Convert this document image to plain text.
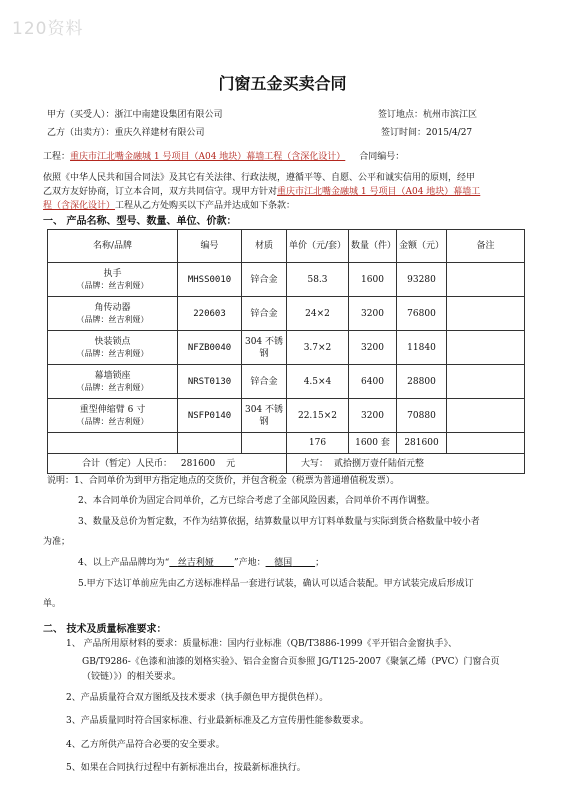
120资料
门窗五金买卖合同
甲方（买受人）：浙江中南建设集团有限公司	签订地点：杭州市滨江区
乙方（出卖方）：重庆久祥建材有限公司	签订时间：2015/4/27
工程：重庆市江北嘴金融城 1 号项目（A04 地块）幕墙工程（含深化设计） 合同编号：
依照《中华人民共和国合同法》及其它有关法律、行政法规，遵循平等、自愿、公平和诚实信用的原则，经甲
乙双方友好协商，订立本合同，双方共同信守。现甲方针对重庆市江北嘴金融城 1 号项目（A04 地块）幕墙工
程（含深化设计）工程从乙方处购买以下产品并达成如下条款：
一、 产品名称、型号、数量、单位、价款：
名称/品牌	编号	材质	单价（元/套）	数量（件）	金额（元）	备注

执手
（品牌：丝吉利娅）	MHSS0010	锌合金	58.3	1600	93280	

角传动器
（品牌：丝吉利娅）	220603	锌合金	24×2	3200	76800	

快装锁点
（品牌：丝吉利娅）	NFZB0040	304 不锈钢	3.7×2	3200	11840	

幕墙锁座
（品牌：丝吉利娅）	NRST0130	锌合金	4.5×4	6400	28800	

重型伸缩臂 6 寸
（品牌：丝吉利娅）	NSFP0140	304 不锈钢	22.15×2	3200	70880	
			176	1600 套	281600	
合计（暂定）人民币： 281600 元			大写： 贰拾捌万壹仟陆佰元整			
说明：1、合同单价为到甲方指定地点的交货价，并包含税金（税票为普通增值税发票）。
2、本合同单价为固定合同单价，乙方已综合考虑了全部风险因素，合同单价不再作调整。
3、数量及总价为暂定数，不作为结算依据，结算数量以甲方订料单数量与实际到货合格数量中较小者
为准；
4、以上产品品牌均为“ 丝吉利娅 ”产地： 德国	；
5.甲方下达订单前应先由乙方送标准样品一套进行试装，确认可以适合装配。甲方试装完成后形成订
单。
二、 技术及质量标准要求：
1、 产品所用原材料的要求：质量标准：国内行业标准（QB/T3886-1999《平开铝合金窗执手》、
GB/T9286-《色漆和油漆的划格实验》、铝合金窗合页参照 JG/T125-2007《聚氯乙烯（PVC）门窗合页
（铰链）》）的相关要求。
2、产品质量符合双方图纸及技术要求（执手颜色甲方提供色样）。
3、产品质量同时符合国家标准、行业最新标准及乙方宣传册性能参数要求。
4、乙方所供产品符合必要的安全要求。
5、如果在合同执行过程中有新标准出台，按最新标准执行。
